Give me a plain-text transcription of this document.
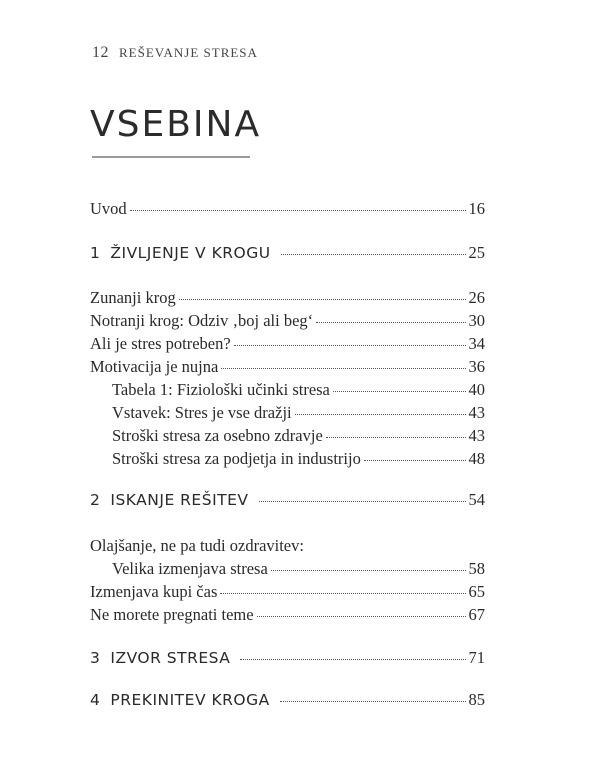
12 REŠEVANJE STRESA
VSEBINA
Uvod	16
1 ŽIVLJENJE V KROGU	25
Zunanji krog	26
Notranji krog: Odziv ‚boj ali beg‘	30
Ali je stres potreben?	34
Motivacija je nujna	36
Tabela 1: Fiziološki učinki stresa	40
Vstavek: Stres je vse dražji	43
Stroški stresa za osebno zdravje	43
Stroški stresa za podjetja in industrijo	48
2 ISKANJE REŠITEV	54
Olajšanje, ne pa tudi ozdravitev:
Velika izmenjava stresa	58
Izmenjava kupi čas	65
Ne morete pregnati teme	67
3 IZVOR STRESA	71
4 PREKINITEV KROGA	85
